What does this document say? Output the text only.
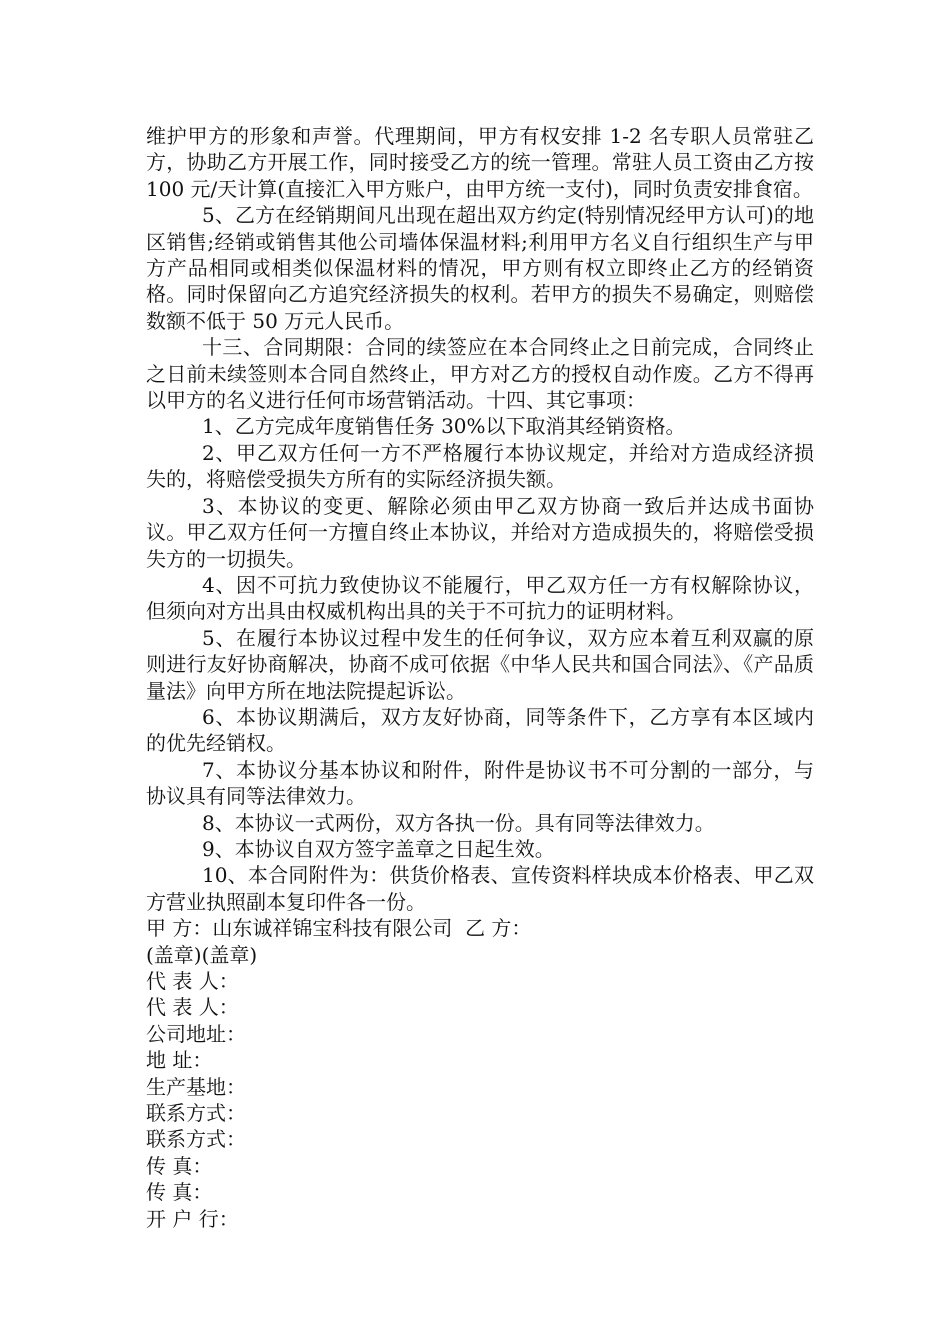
维护甲方的形象和声誉。代理期间，甲方有权安排 1-2 名专职人员常驻乙方，协助乙方开展工作，同时接受乙方的统一管理。常驻人员工资由乙方按 100 元/天计算(直接汇入甲方账户，由甲方统一支付)，同时负责安排食宿。

5、乙方在经销期间凡出现在超出双方约定(特别情况经甲方认可)的地区销售;经销或销售其他公司墙体保温材料;利用甲方名义自行组织生产与甲方产品相同或相类似保温材料的情况，甲方则有权立即终止乙方的经销资格。同时保留向乙方追究经济损失的权利。若甲方的损失不易确定，则赔偿数额不低于 50 万元人民币。

十三、合同期限：合同的续签应在本合同终止之日前完成，合同终止之日前未续签则本合同自然终止，甲方对乙方的授权自动作废。乙方不得再以甲方的名义进行任何市场营销活动。十四、其它事项：

1、乙方完成年度销售任务 30%以下取消其经销资格。

2、甲乙双方任何一方不严格履行本协议规定，并给对方造成经济损失的，将赔偿受损失方所有的实际经济损失额。

3、本协议的变更、解除必须由甲乙双方协商一致后并达成书面协议。甲乙双方任何一方擅自终止本协议，并给对方造成损失的，将赔偿受损失方的一切损失。

4、因不可抗力致使协议不能履行，甲乙双方任一方有权解除协议，但须向对方出具由权威机构出具的关于不可抗力的证明材料。

5、在履行本协议过程中发生的任何争议，双方应本着互利双赢的原则进行友好协商解决，协商不成可依据《中华人民共和国合同法》、《产品质量法》向甲方所在地法院提起诉讼。

6、本协议期满后，双方友好协商，同等条件下，乙方享有本区域内的优先经销权。

7、本协议分基本协议和附件，附件是协议书不可分割的一部分，与协议具有同等法律效力。

8、本协议一式两份，双方各执一份。具有同等法律效力。

9、本协议自双方签字盖章之日起生效。

10、本合同附件为：供货价格表、宣传资料样块成本价格表、甲乙双方营业执照副本复印件各一份。

甲 方：山东诚祥锦宝科技有限公司  乙 方：

(盖章)(盖章)

代 表 人：

代 表 人：

公司地址：

地 址：

生产基地：

联系方式：

联系方式：

传 真：

传 真：

开 户 行：
